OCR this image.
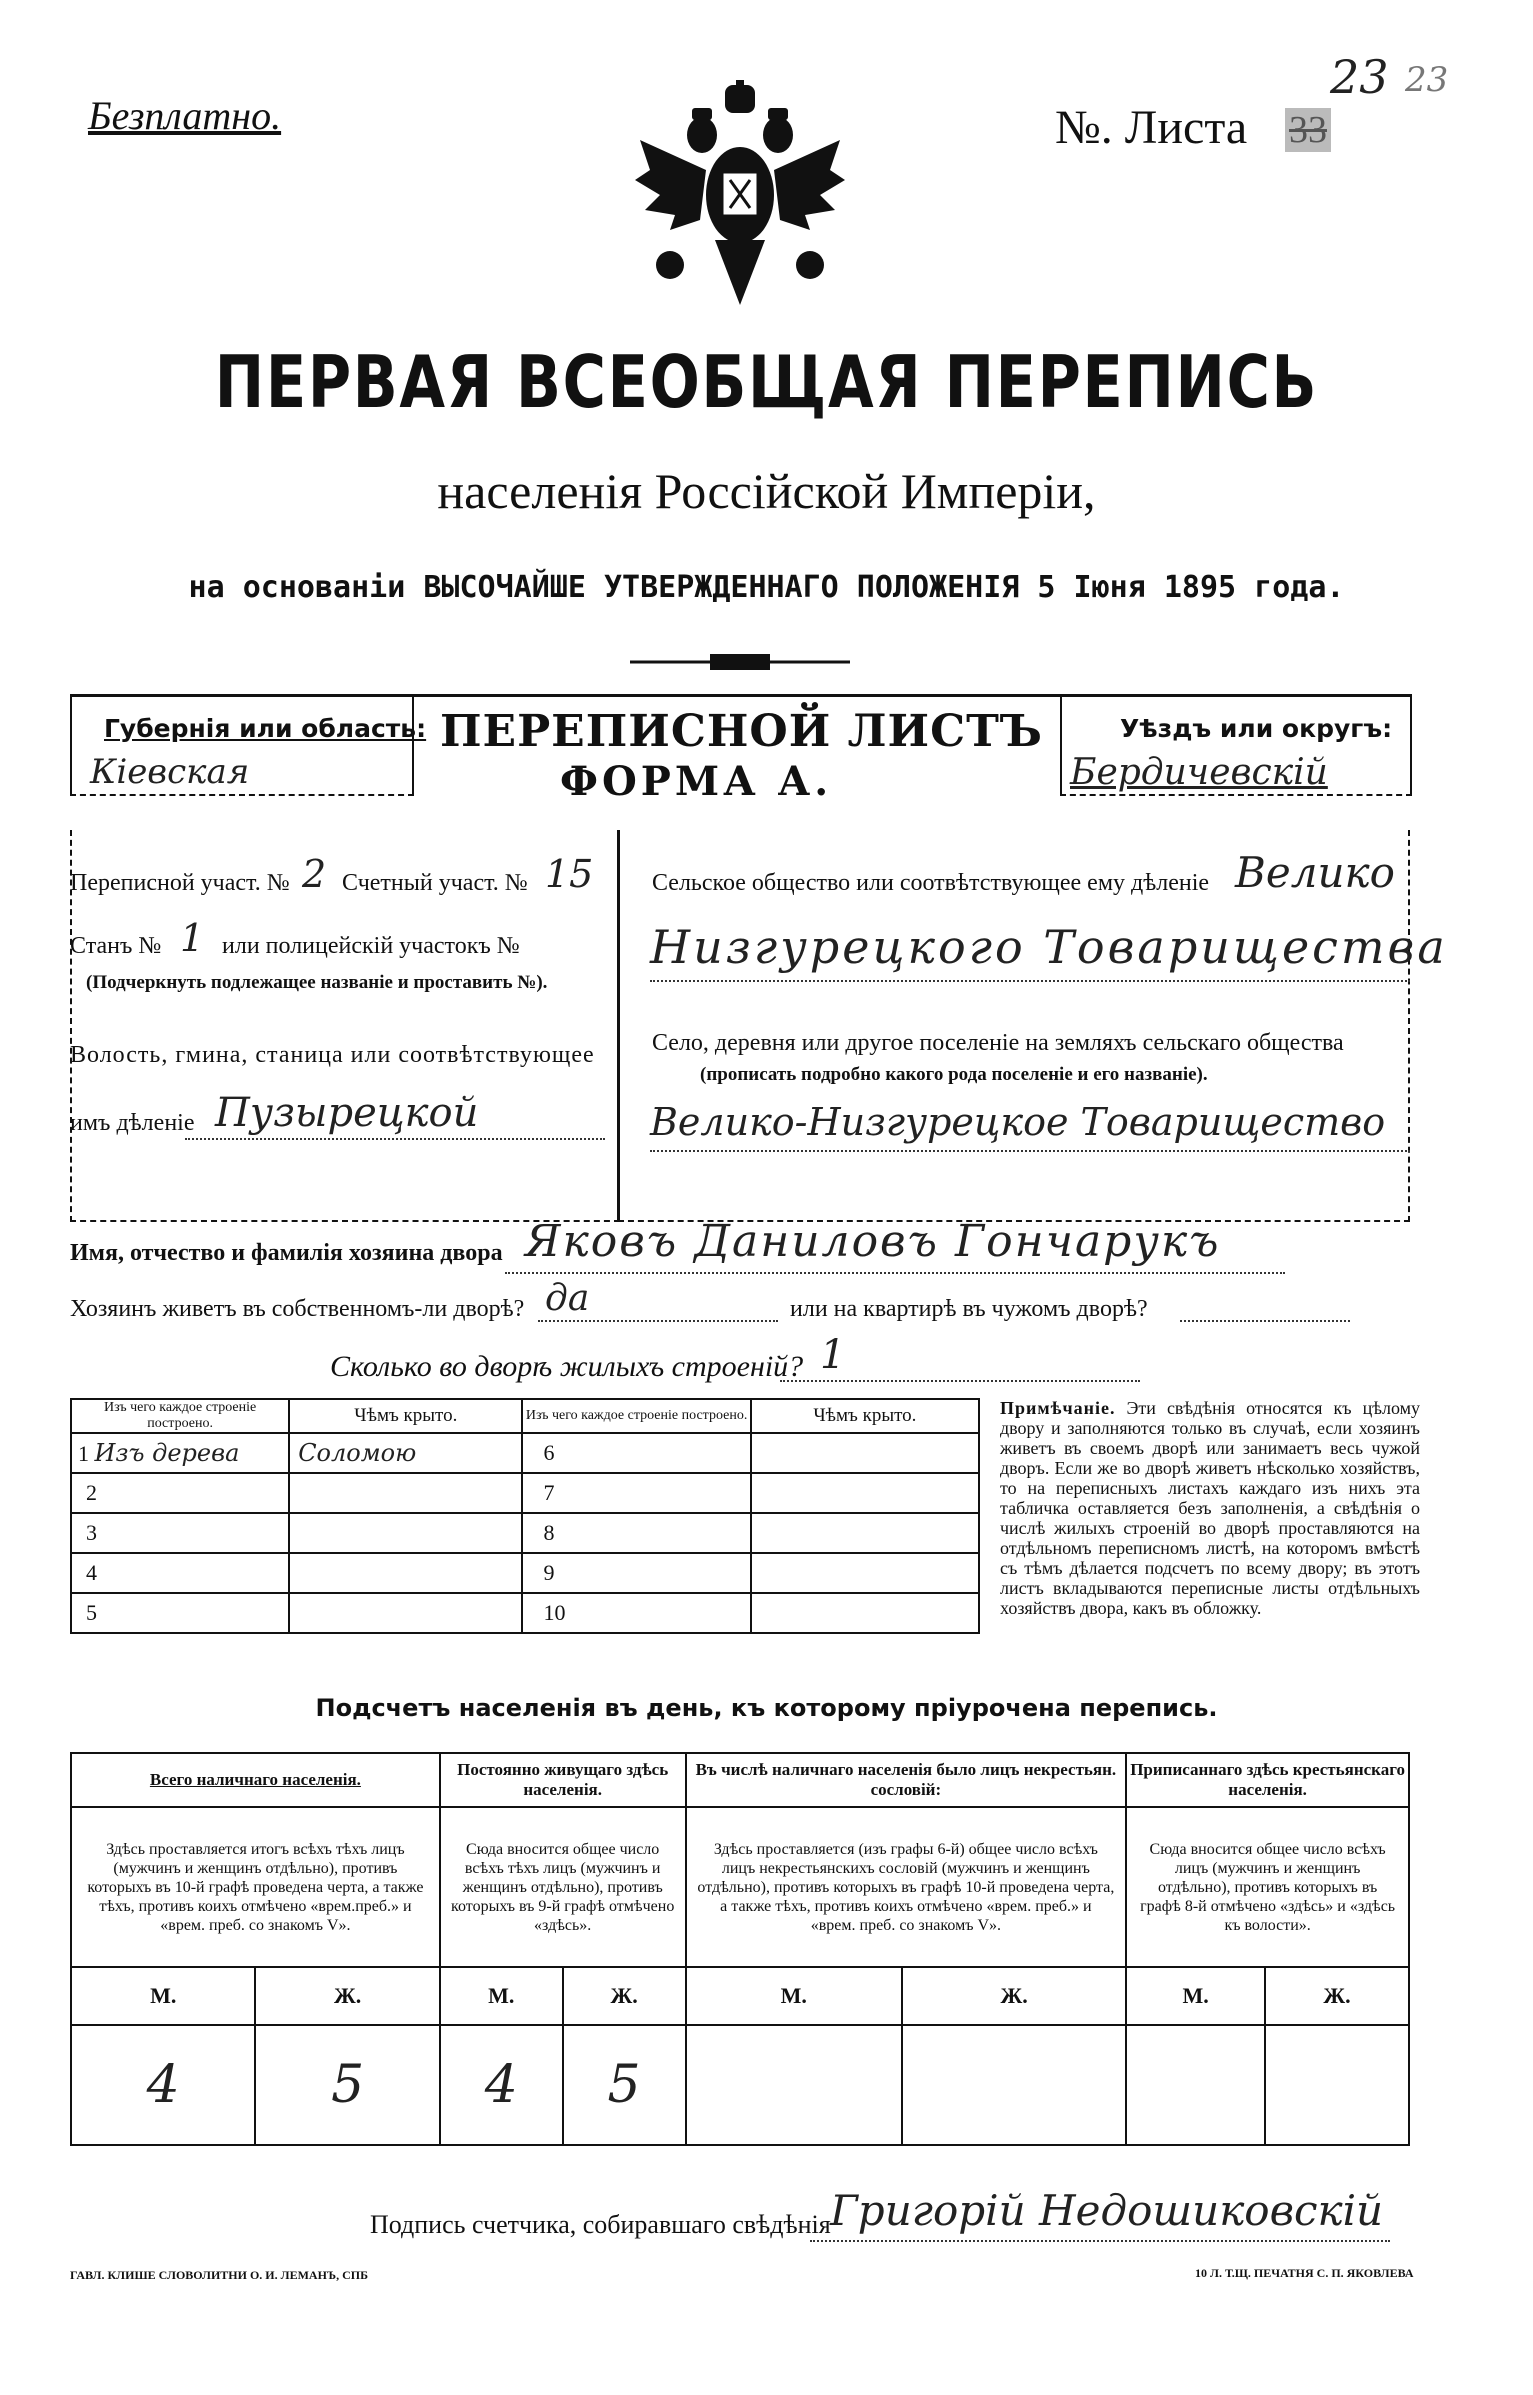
Безплатно.	№. Листа
23
33
23
ПЕРВАЯ ВСЕОБЩАЯ ПЕРЕПИСЬ
населенія Россійской Имперіи,
на основаніи ВЫСОЧАЙШЕ УТВЕРЖДЕННАГО ПОЛОЖЕНІЯ 5 Іюня 1895 года.
Губернія или область:
Кіевская
ПЕРЕПИСНОЙ ЛИСТЪ
ФОРМА А.
Уѣздъ или округъ:
Бердичевскій
Переписной участ. № 2 Счетный участ. № 15
Станъ № 1 или полицейскій участокъ №
(Подчеркнуть подлежащее названіе и проставить №).
Волость, гмина, станица или соотвѣтствующее
имъ дѣленіе Пузырецкой
Сельское общество или соотвѣтствующее ему дѣленіе Велико
Низгурецкого Товарищества
Село, деревня или другое поселеніе на земляхъ сельскаго общества
(прописать подробно какого рода поселеніе и его названіе).
Велико-Низгурецкое Товарищество
Имя, отчество и фамилія хозяина двора Яковъ Даниловъ Гончарукъ
Хозяинъ живетъ въ собственномъ-ли дворѣ? да	или на квартирѣ въ чужомъ дворѣ?
Сколько во дворѣ жилыхъ строеній? 1
Изъ чего каждое строеніе построено.	Чѣмъ крыто.	Изъ чего каждое строеніе построено.	Чѣмъ крыто.
1 Изъ дерева	Соломою	6	
2		7	
3		8	
4		9	
5		10	
Примѣчаніе. Эти свѣдѣнія относятся къ цѣлому двору и заполняются только въ случаѣ, если хозяинъ живетъ въ своемъ дворѣ или занимаетъ весь чужой дворъ. Если же во дворѣ живетъ нѣсколько хозяйствъ, то на переписныхъ листахъ каждаго изъ нихъ эта табличка оставляется безъ заполненія, а свѣдѣнія о числѣ жилыхъ строеній во дворѣ проставляются на отдѣльномъ переписномъ листѣ, на которомъ вмѣстѣ съ тѣмъ дѣлается подсчетъ по всему двору; въ этотъ листъ вкладываются переписные листы отдѣльныхъ хозяйствъ двора, какъ въ обложку.
Подсчетъ населенія въ день, къ которому пріурочена перепись.
Всего наличнаго населенія.		Постоянно живущаго здѣсь населенія.		Въ числѣ наличнаго населенія было лицъ некрестьян. сословій:		Приписаннаго здѣсь крестьянскаго населенія.	
Здѣсь проставляется итогъ всѣхъ тѣхъ лицъ (мужчинъ и женщинъ отдѣльно), противъ которыхъ въ 10-й графѣ проведена черта, а также тѣхъ, противъ коихъ отмѣчено «врем.преб.» и «врем. преб. со знакомъ V».		Сюда вносится общее число всѣхъ тѣхъ лицъ (мужчинъ и женщинъ отдѣльно), противъ которыхъ въ 9-й графѣ отмѣчено «здѣсь».		Здѣсь проставляется (изъ графы 6-й) общее число всѣхъ лицъ некрестьянскихъ сословій (мужчинъ и женщинъ отдѣльно), противъ которыхъ въ графѣ 10-й проведена черта, а также тѣхъ, противъ коихъ отмѣчено «врем. преб.» и «врем. преб. со знакомъ V».		Сюда вносится общее число всѣхъ лицъ (мужчинъ и женщинъ отдѣльно), противъ которыхъ въ графѣ 8-й отмѣчено «здѣсь» и «здѣсь къ волости».	
М.	Ж.	М.	Ж.	М.	Ж.	М.	Ж.
4	5	4	5				
Подпись счетчика, собиравшаго свѣдѣнія Григорій Недошиковскій
ГАВЛ. КЛИШЕ СЛОВОЛИТНИ О. И. ЛЕМАНЪ, СПБ	10 Л. Т.Щ. ПЕЧАТНЯ С. П. ЯКОВЛЕВА
